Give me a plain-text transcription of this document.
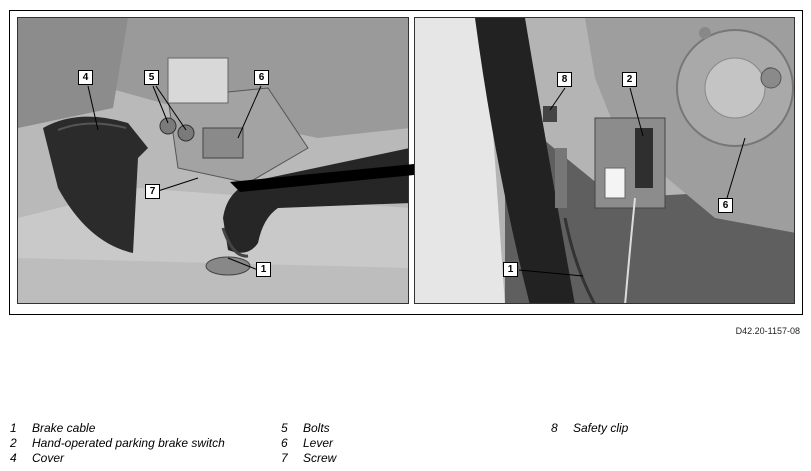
4	5	6
7
1
8	2
6
1
D42.20-1157-08
1	Brake cable
2	Hand-operated parking brake switch
4	Cover
5	Bolts
6	Lever
7	Screw
8	Safety clip
